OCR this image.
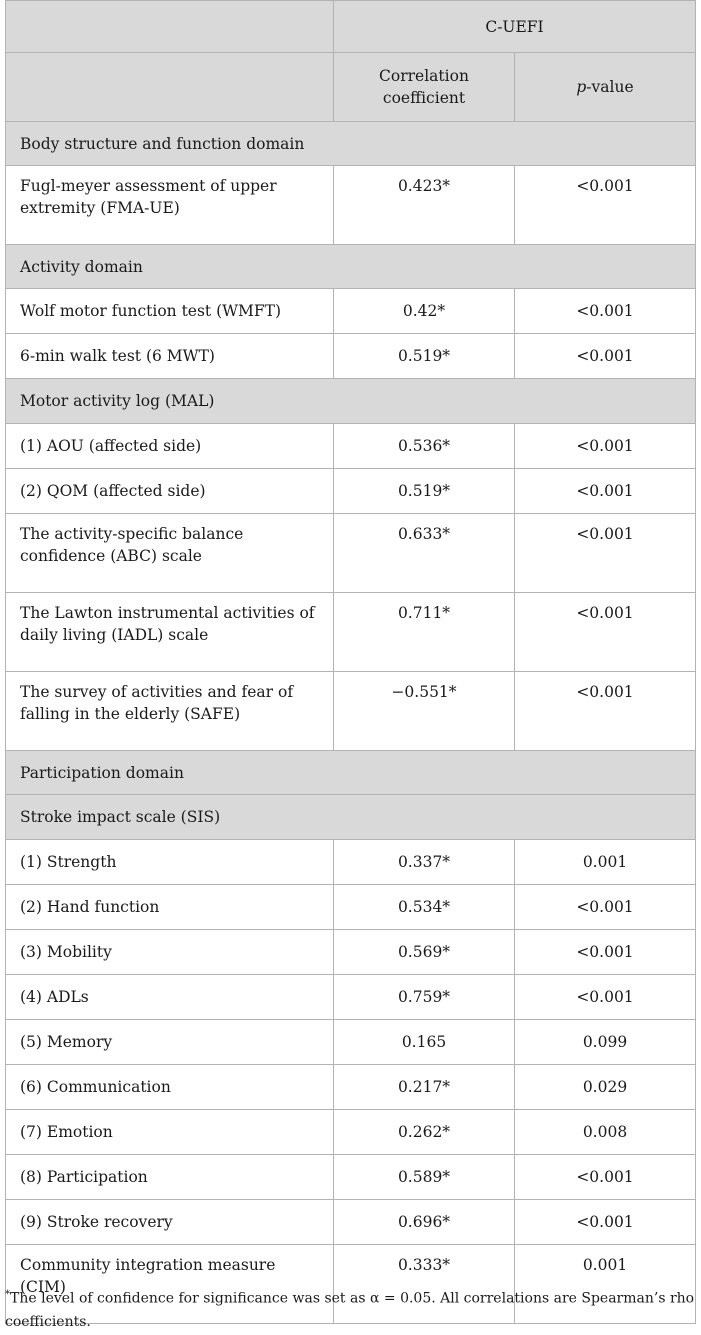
	C-UEFI	
	Correlation coefficient	p-value
Body structure and function domain		
Fugl-meyer assessment of upper extremity (FMA-UE)	0.423*	<0.001
Activity domain		
Wolf motor function test (WMFT)	0.42*	<0.001
6-min walk test (6 MWT)	0.519*	<0.001
Motor activity log (MAL)		
(1) AOU (affected side)	0.536*	<0.001
(2) QOM (affected side)	0.519*	<0.001
The activity-specific balance confidence (ABC) scale	0.633*	<0.001
The Lawton instrumental activities of daily living (IADL) scale	0.711*	<0.001
The survey of activities and fear of falling in the elderly (SAFE)	−0.551*	<0.001
Participation domain		
Stroke impact scale (SIS)		
(1) Strength	0.337*	0.001
(2) Hand function	0.534*	<0.001
(3) Mobility	0.569*	<0.001
(4) ADLs	0.759*	<0.001
(5) Memory	0.165	0.099
(6) Communication	0.217*	0.029
(7) Emotion	0.262*	0.008
(8) Participation	0.589*	<0.001
(9) Stroke recovery	0.696*	<0.001
Community integration measure (CIM)	0.333*	0.001
*The level of confidence for significance was set as α = 0.05. All correlations are Spearman’s rho coefficients.
